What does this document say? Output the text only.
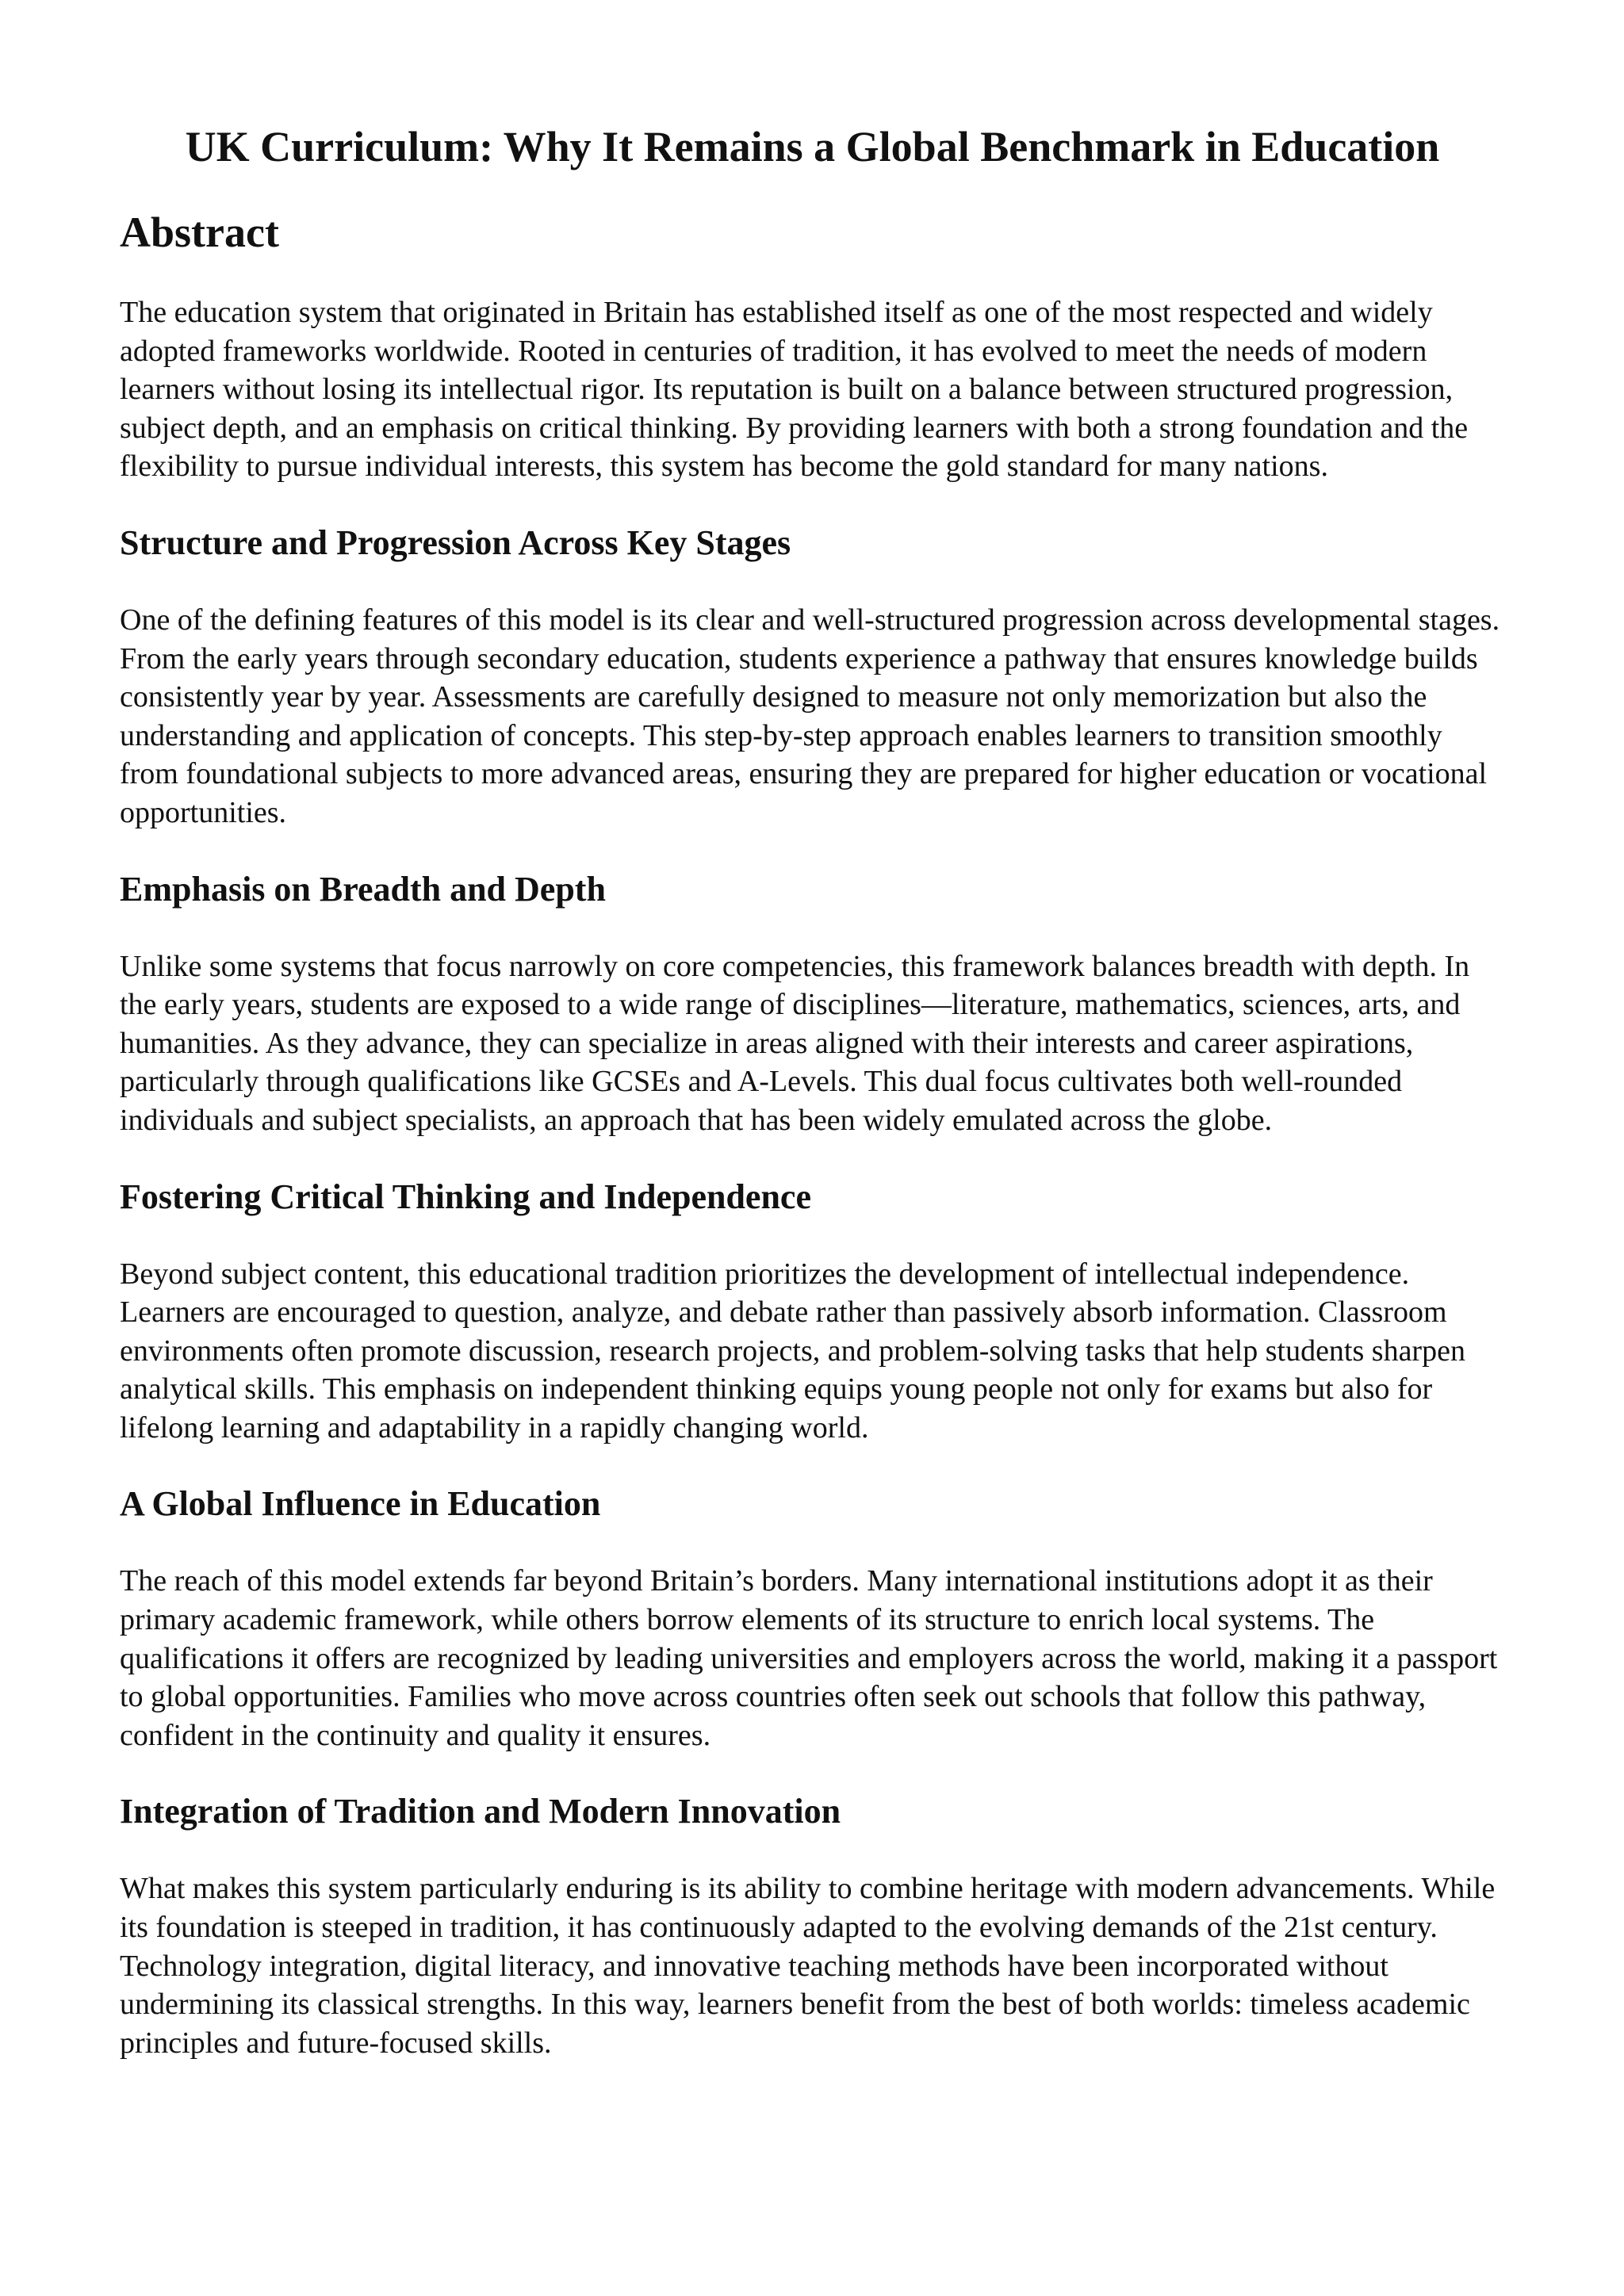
UK Curriculum: Why It Remains a Global Benchmark in Education
Abstract

The education system that originated in Britain has established itself as one of the most respected and widely adopted frameworks worldwide. Rooted in centuries of tradition, it has evolved to meet the needs of modern learners without losing its intellectual rigor. Its reputation is built on a balance between structured progression, subject depth, and an emphasis on critical thinking. By providing learners with both a strong foundation and the flexibility to pursue individual interests, this system has become the gold standard for many nations.

Structure and Progression Across Key Stages

One of the defining features of this model is its clear and well-structured progression across developmental stages. From the early years through secondary education, students experience a pathway that ensures knowledge builds consistently year by year. Assessments are carefully designed to measure not only memorization but also the understanding and application of concepts. This step-by-step approach enables learners to transition smoothly from foundational subjects to more advanced areas, ensuring they are prepared for higher education or vocational opportunities.

Emphasis on Breadth and Depth

Unlike some systems that focus narrowly on core competencies, this framework balances breadth with depth. In the early years, students are exposed to a wide range of disciplines—literature, mathematics, sciences, arts, and humanities. As they advance, they can specialize in areas aligned with their interests and career aspirations, particularly through qualifications like GCSEs and A-Levels. This dual focus cultivates both well-rounded individuals and subject specialists, an approach that has been widely emulated across the globe.

Fostering Critical Thinking and Independence

Beyond subject content, this educational tradition prioritizes the development of intellectual independence. Learners are encouraged to question, analyze, and debate rather than passively absorb information. Classroom environments often promote discussion, research projects, and problem-solving tasks that help students sharpen analytical skills. This emphasis on independent thinking equips young people not only for exams but also for lifelong learning and adaptability in a rapidly changing world.

A Global Influence in Education

The reach of this model extends far beyond Britain’s borders. Many international institutions adopt it as their primary academic framework, while others borrow elements of its structure to enrich local systems. The qualifications it offers are recognized by leading universities and employers across the world, making it a passport to global opportunities. Families who move across countries often seek out schools that follow this pathway, confident in the continuity and quality it ensures.

Integration of Tradition and Modern Innovation

What makes this system particularly enduring is its ability to combine heritage with modern advancements. While its foundation is steeped in tradition, it has continuously adapted to the evolving demands of the 21st century. Technology integration, digital literacy, and innovative teaching methods have been incorporated without undermining its classical strengths. In this way, learners benefit from the best of both worlds: timeless academic principles and future-focused skills.
